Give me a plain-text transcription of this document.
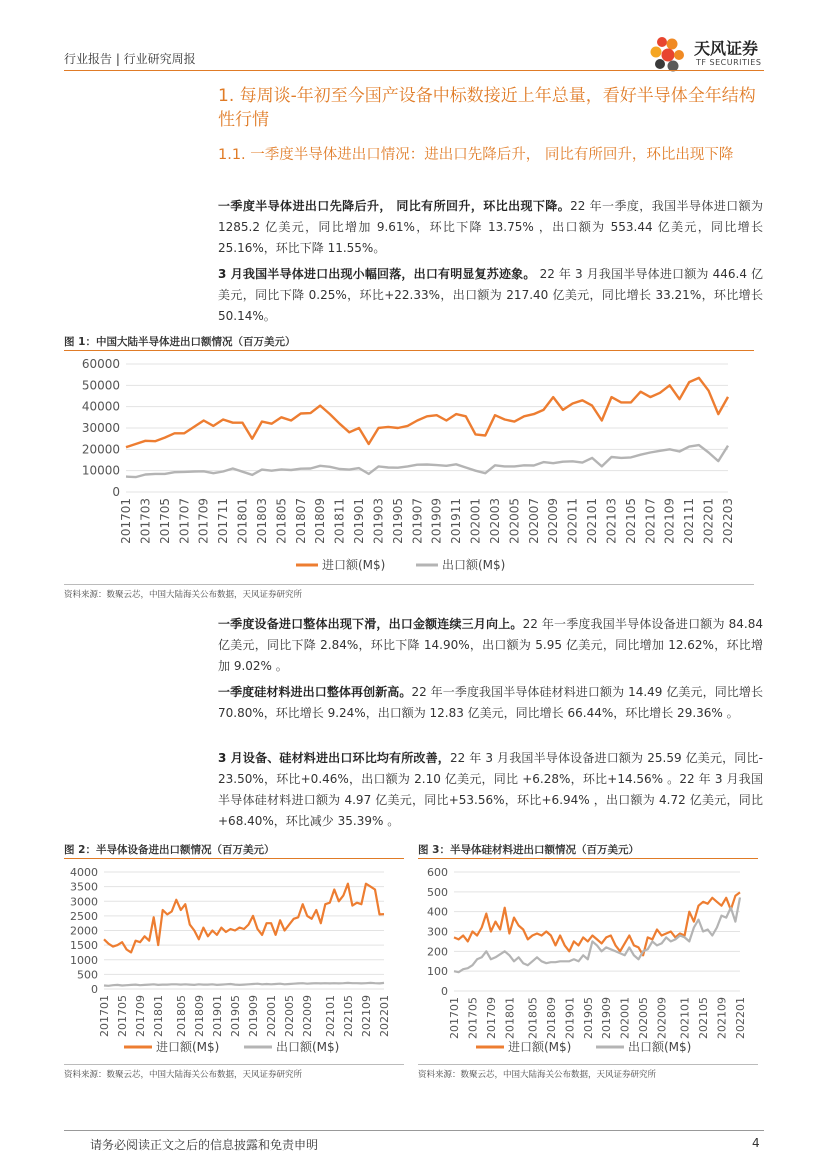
行业报告 | 行业研究周报
天风证券
TF SECURITIES
1. 每周谈-年初至今国产设备中标数接近上年总量，看好半导体全年结构性行情
1.1. 一季度半导体进出口情况：进出口先降后升， 同比有所回升，环比出现下降
一季度半导体进出口先降后升， 同比有所回升，环比出现下降。22 年一季度，我国半导体进口额为 1285.2 亿美元，同比增加 9.61%，环比下降 13.75% ，出口额为 553.44 亿美元，同比增长 25.16%，环比下降 11.55%。
3 月我国半导体进口出现小幅回落，出口有明显复苏迹象。 22 年 3 月我国半导体进口额为 446.4 亿美元，同比下降 0.25%，环比+22.33%，出口额为 217.40 亿美元，同比增长 33.21%，环比增长 50.14%。
图 1：中国大陆半导体进出口额情况（百万美元）
0
10000
20000
30000
40000
50000
60000
201701 201703 201705 201707 201709 201711 201801 201803 201805 201807 201809 201811 201901 201903 201905 201907 201909 201911 202001 202003 202005 202007 202009 202011 202101 202103 202105 202107 202109 202111 202201 202203
进口额(M$)	出口额(M$)
资料来源：数聚云芯，中国大陆海关公布数据，天风证券研究所
一季度设备进口整体出现下滑，出口金额连续三月向上。22 年一季度我国半导体设备进口额为 84.84 亿美元，同比下降 2.84%，环比下降 14.90%，出口额为 5.95 亿美元，同比增加 12.62%，环比增加 9.02% 。
一季度硅材料进出口整体再创新高。22 年一季度我国半导体硅材料进口额为 14.49 亿美元，同比增长 70.80%，环比增长 9.24%，出口额为 12.83 亿美元，同比增长 66.44%，环比增长 29.36% 。
3 月设备、硅材料进出口环比均有所改善，22 年 3 月我国半导体设备进口额为 25.59 亿美元，同比- 23.50%，环比+0.46%，出口额为 2.10 亿美元，同比 +6.28%，环比+14.56% 。22 年 3 月我国半导体硅材料进口额为 4.97 亿美元，同比+53.56%，环比+6.94% ，出口额为 4.72 亿美元，同比+68.40%，环比减少 35.39% 。
图 2：半导体设备进出口额情况（百万美元）
0
500
1000
1500
2000
2500
3000
3500
4000
201701 201705 201709 201801 201805 201809 201901 201905 201909 202001 202005 202009 202101 202105 202109 202201
进口额(M$)	出口额(M$)
资料来源：数聚云芯，中国大陆海关公布数据，天风证券研究所
图 3：半导体硅材料进出口额情况（百万美元）
0
100
200
300
400
500
600
201701 201705 201709 201801 201805 201809 201901 201905 201909 202001 202005 202009 202101 202105 202109 202201
进口额(M$)	出口额(M$)
资料来源：数聚云芯，中国大陆海关公布数据，天风证券研究所
请务必阅读正文之后的信息披露和免责申明	4
